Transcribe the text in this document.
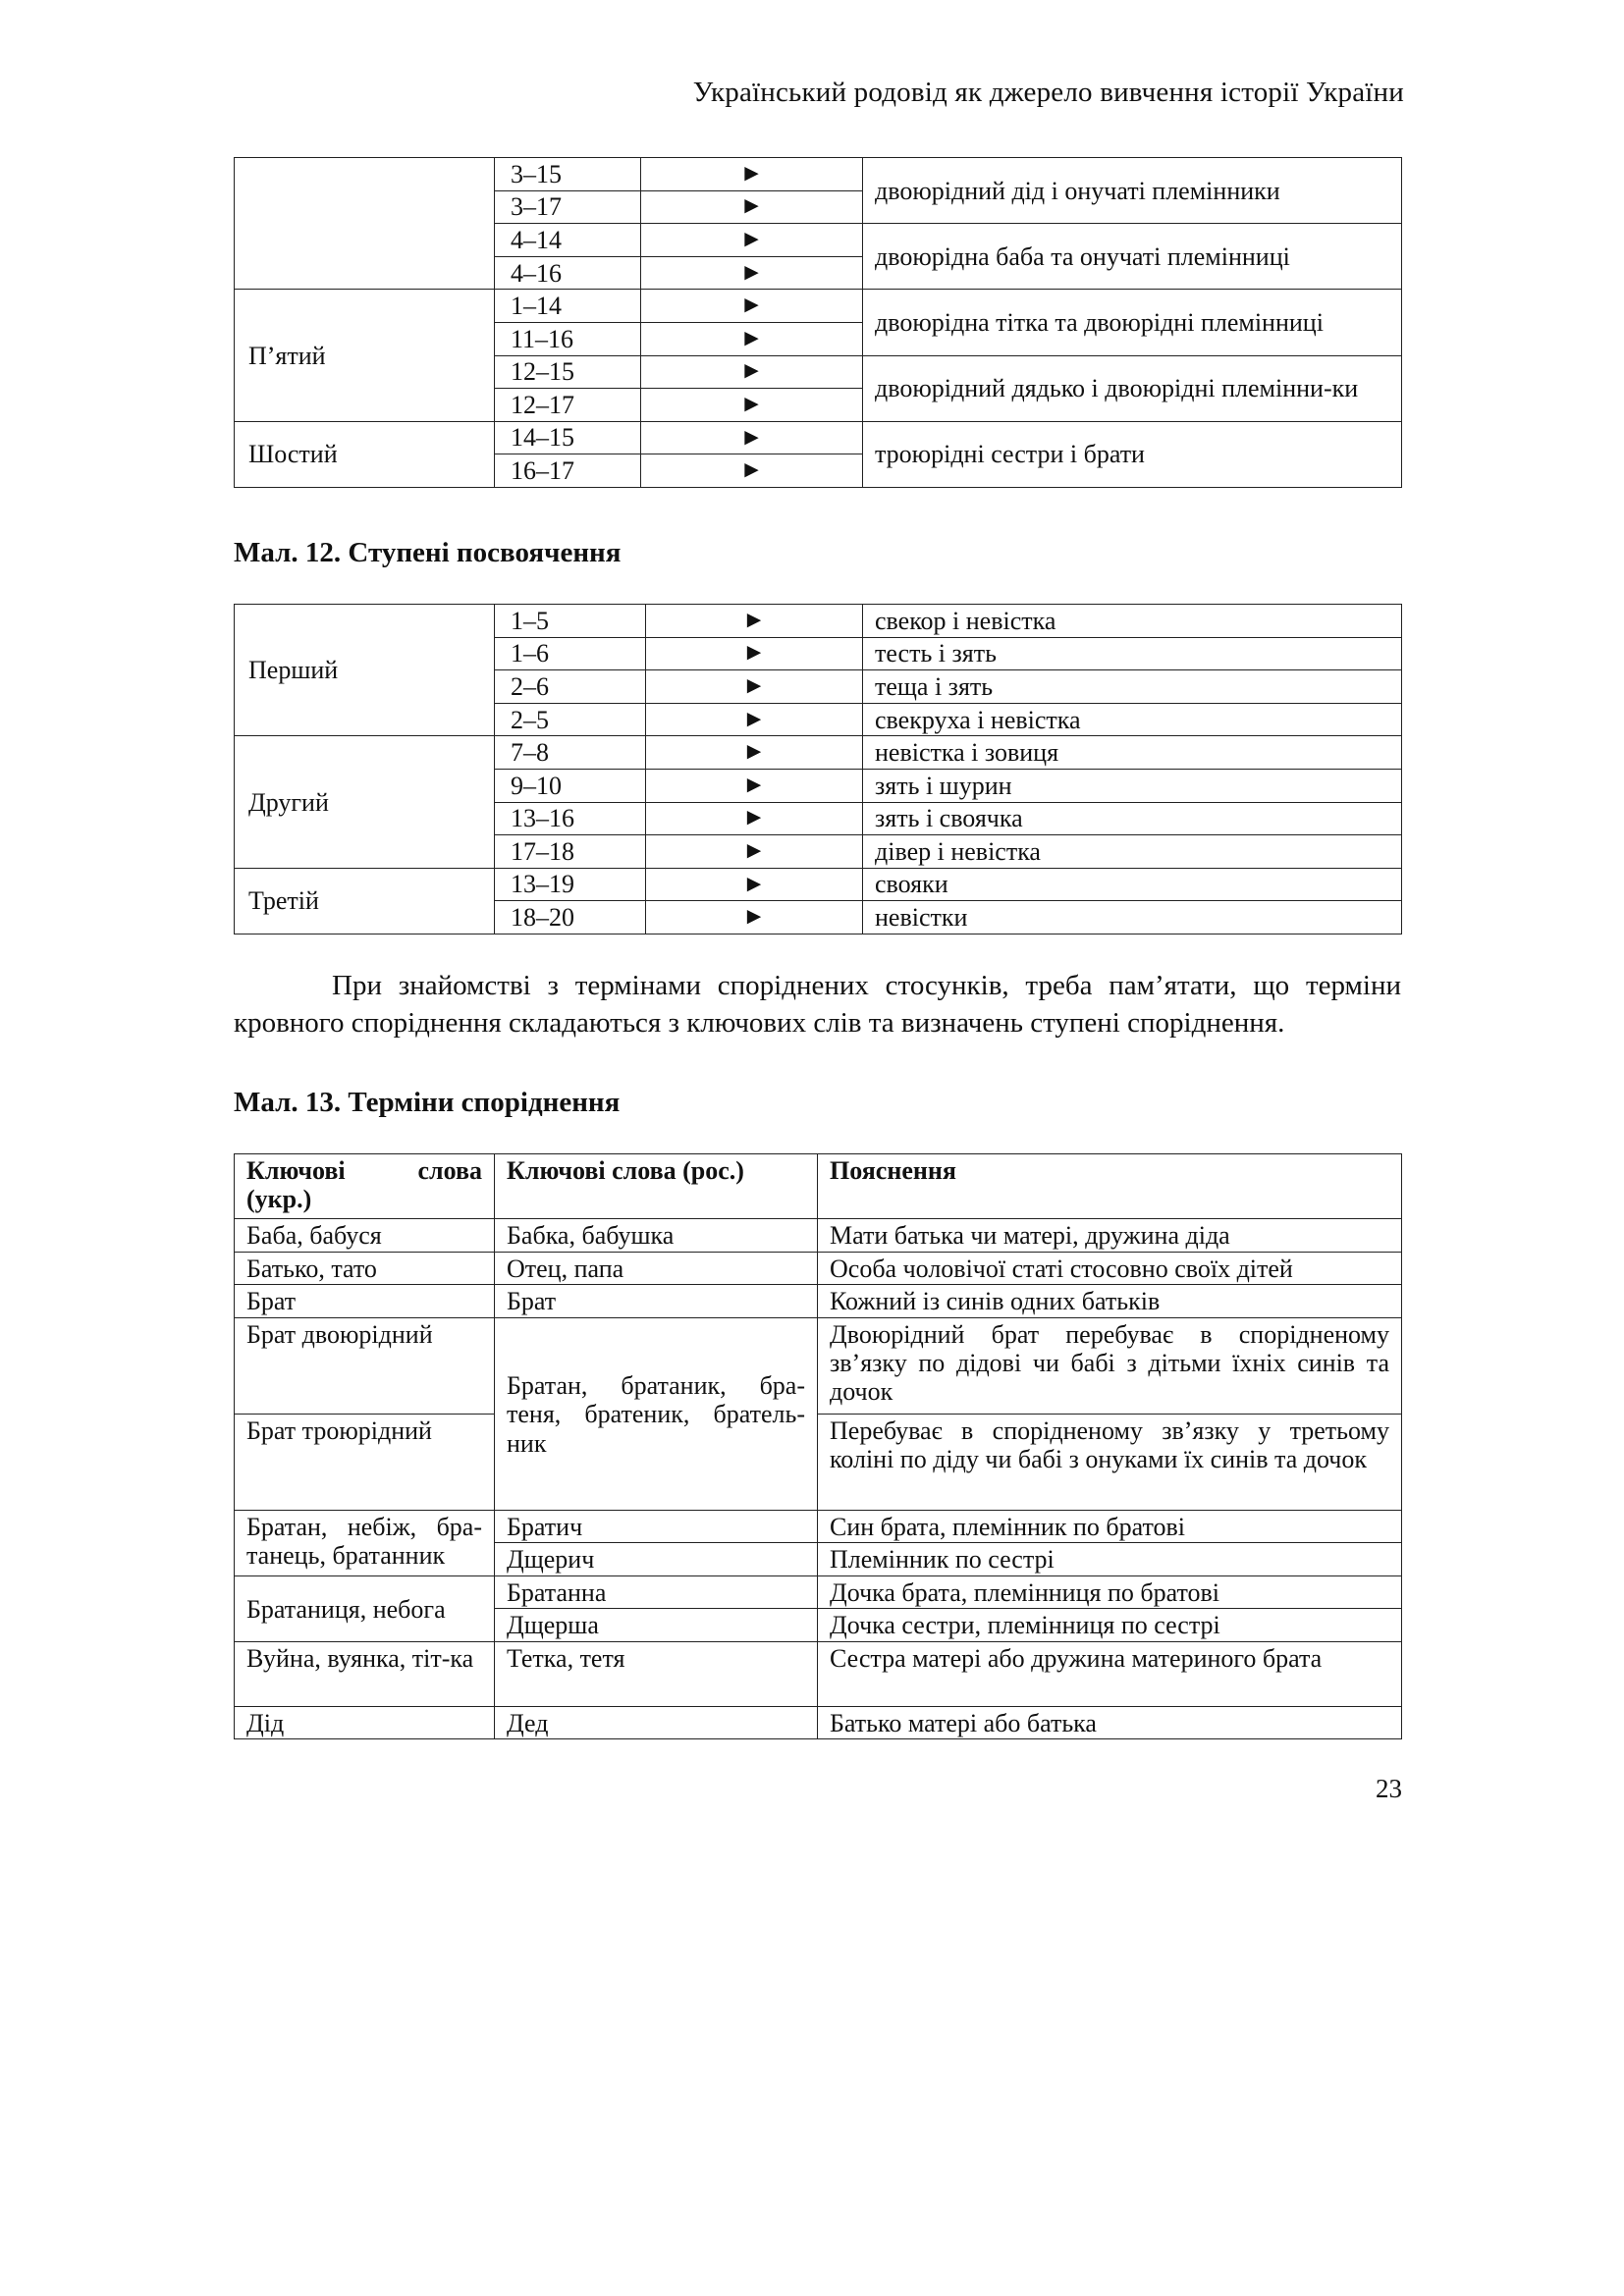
Український родовід як джерело вивчення історії України
	3–15	►	двоюрідний дід і онучаті племінники
	3–17	►	
	4–14	►	двоюрідна баба та онучаті племінниці
	4–16	►	
П’ятий	1–14	►	двоюрідна тітка та двоюрідні племінниці
	11–16	►	
	12–15	►	двоюрідний дядько і двоюрідні племінни-ки
	12–17	►	
Шостий	14–15	►	троюрідні сестри і брати
	16–17	►	
Мал. 12. Ступені посвоячення
Перший	1–5	►	свекор і невістка
	1–6	►	тесть і зять
	2–6	►	теща і зять
	2–5	►	свекруха і невістка
Другий	7–8	►	невістка і зовиця
	9–10	►	зять і шурин
	13–16	►	зять і своячка
	17–18	►	дівер і невістка
Третій	13–19	►	свояки
	18–20	►	невістки
При знайомстві з термінами споріднених стосунків, треба пам’ятати, що терміни кровного споріднення складаються з ключових слів та визначень ступені споріднення.
Мал. 13. Терміни споріднення
Ключові слова (укр.)	Ключові слова (рос.)	Пояснення
Баба, бабуся	Бабка, бабушка	Мати батька чи матері, дружина діда
Батько, тато	Отец, папа	Особа чоловічої статі стосовно своїх дітей
Брат	Брат	Кожний із синів одних батьків
Брат двоюрідний	Братан, братаник, бра-теня, братеник, братель-ник	Двоюрідний брат перебуває в спорідненому зв’язку по дідові чи бабі з дітьми їхніх синів та дочок
Брат троюрідний		Перебуває в спорідненому зв’язку у третьому коліні по діду чи бабі з онуками їх синів та дочок
Братан, небіж, бра-танець, братанник	Братич	Син брата, племінник по братові
	Дщерич	Племінник по сестрі
Братаниця, небога	Братанна	Дочка брата, племінниця по братові
	Дщерша	Дочка сестри, племінниця по сестрі
Вуйна, вуянка, тіт-ка	Тетка, тетя	Сестра матері або дружина материного брата
Дід	Дед	Батько матері або батька
23
